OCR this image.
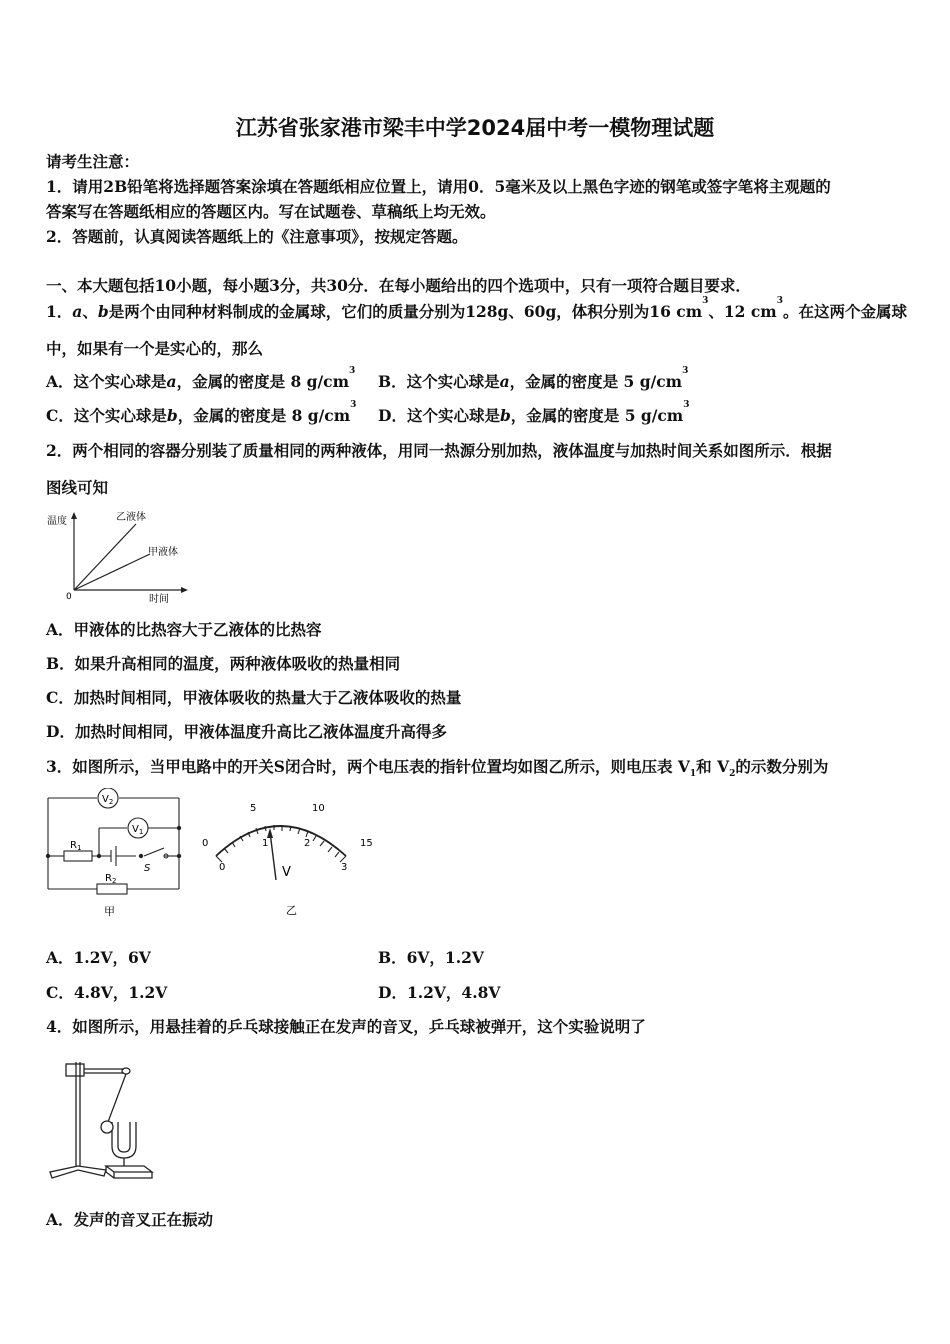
江苏省张家港市梁丰中学2024届中考一模物理试题
请考生注意：
1．请用2B铅笔将选择题答案涂填在答题纸相应位置上，请用0．5毫米及以上黑色字迹的钢笔或签字笔将主观题的
答案写在答题纸相应的答题区内。写在试题卷、草稿纸上均无效。
2．答题前，认真阅读答题纸上的《注意事项》，按规定答题。
一、本大题包括10小题，每小题3分，共30分．在每小题给出的四个选项中，只有一项符合题目要求．
1．a、b是两个由同种材料制成的金属球，它们的质量分别为128g、60g，体积分别为16 $cm^3$、12 $cm^3$。在这两个金属球
中，如果有一个是实心的，那么
A．这个实心球是a，金属的密度是 8 $g/cm^3$
B．这个实心球是a，金属的密度是 5 $g/cm^3$
C．这个实心球是b，金属的密度是 8 $g/cm^3$
D．这个实心球是b，金属的密度是 5 $g/cm^3$
2．两个相同的容器分别装了质量相同的两种液体，用同一热源分别加热，液体温度与加热时间关系如图所示．根据
图线可知
温度
时间
0
乙液体
甲液体
A．甲液体的比热容大于乙液体的比热容
B．如果升高相同的温度，两种液体吸收的热量相同
C．加热时间相同，甲液体吸收的热量大于乙液体吸收的热量
D．加热时间相同，甲液体温度升高比乙液体温度升高得多
3．如图所示，当甲电路中的开关S闭合时，两个电压表的指针位置均如图乙所示，则电压表 $V_1$和 $V_2$的示数分别为
$V_2$
$V_1$
$R_1$
$R_2$
S
甲
0
5	10
15
0
1	2
3
V
乙
A．1.2V，6V	B．6V，1.2V
C．4.8V，1.2V	D．1.2V，4.8V
4．如图所示，用悬挂着的乒乓球接触正在发声的音叉，乒乓球被弹开，这个实验说明了
A．发声的音叉正在振动
